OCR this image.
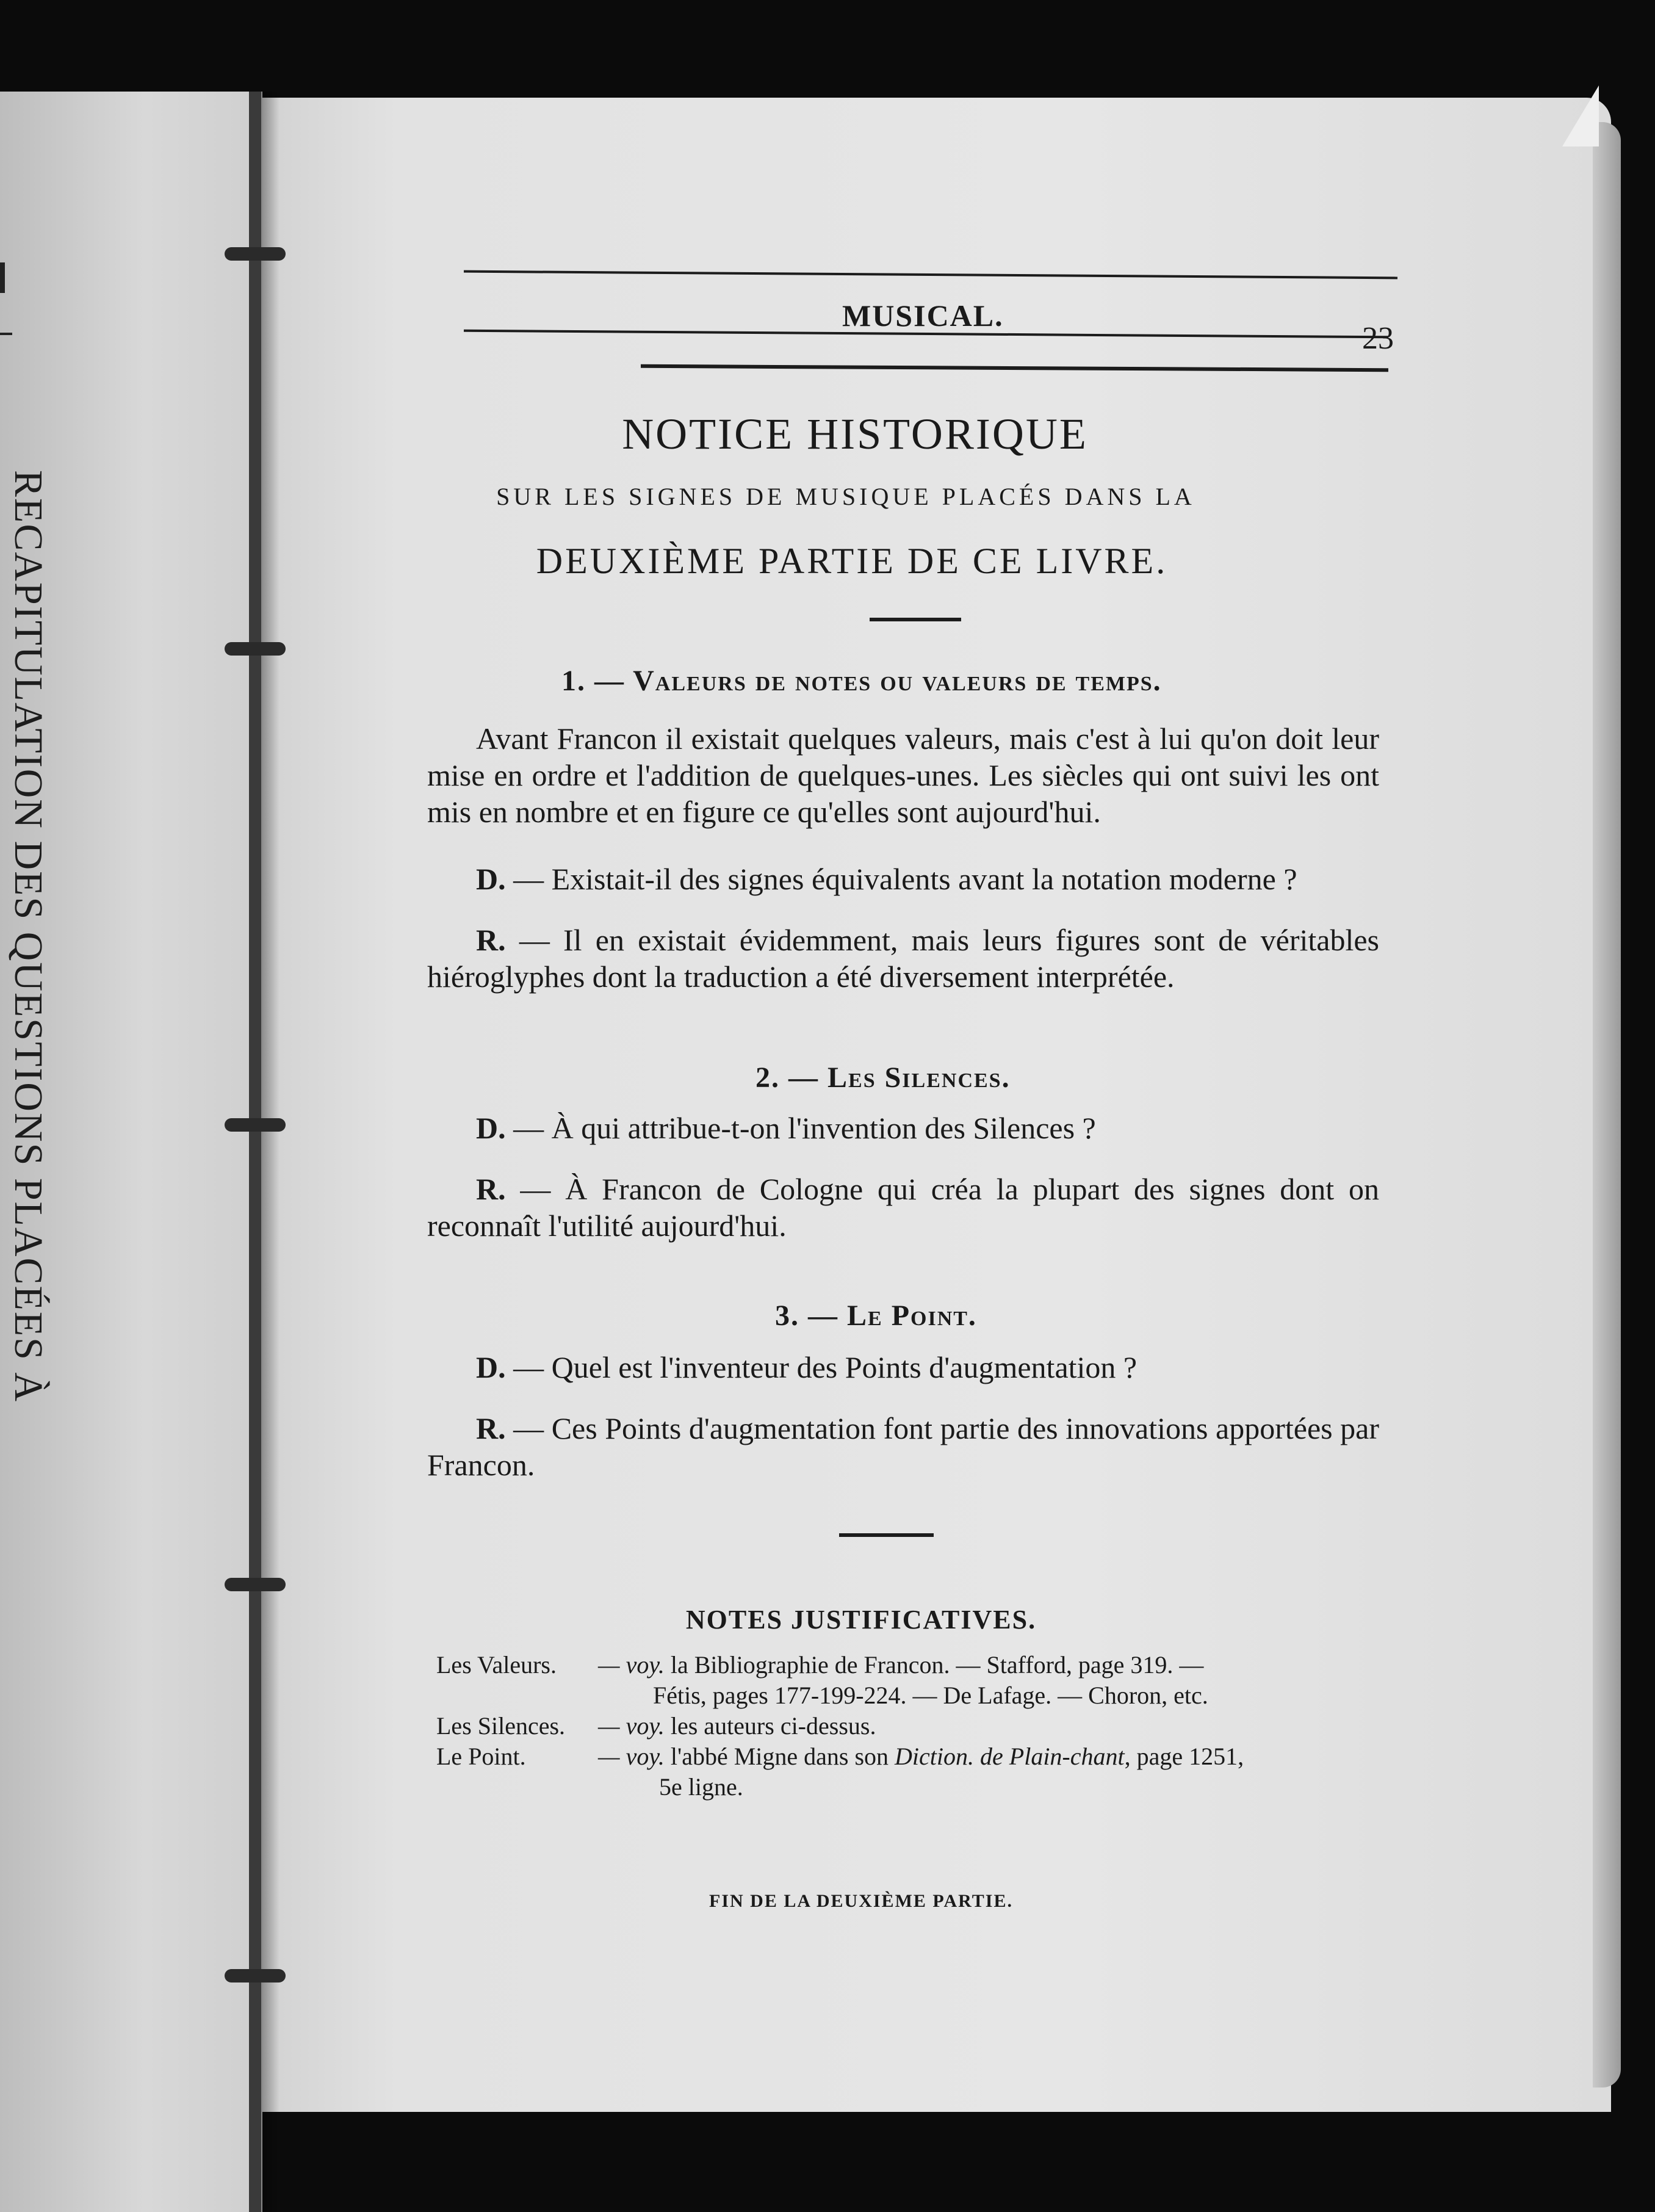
RECAPITULATION DES QUESTIONS PLACÉES À
MUSICAL.
23
NOTICE HISTORIQUE
SUR LES SIGNES DE MUSIQUE PLACÉS DANS LA
DEUXIÈME PARTIE DE CE LIVRE.
1. — Valeurs de notes ou valeurs de temps.
Avant Francon il existait quelques valeurs, mais c'est à lui qu'on doit leur mise en ordre et l'addition de quelques-unes. Les siècles qui ont suivi les ont mis en nombre et en figure ce qu'elles sont aujourd'hui.
D. — Existait-il des signes équivalents avant la notation moderne ?
R. — Il en existait évidemment, mais leurs figures sont de véritables hiéroglyphes dont la traduction a été diversement interprétée.
2. — Les Silences.
D. — À qui attribue-t-on l'invention des Silences ?
R. — À Francon de Cologne qui créa la plupart des signes dont on reconnaît l'utilité aujourd'hui.
3. — Le Point.
D. — Quel est l'inventeur des Points d'augmentation ?
R. — Ces Points d'augmentation font partie des innovations apportées par Francon.
NOTES JUSTIFICATIVES.
Les Valeurs. — voy. la Bibliographie de Francon. — Stafford, page 319. —
Fétis, pages 177-199-224. — De Lafage. — Choron, etc.
Les Silences. — voy. les auteurs ci-dessus.
Le Point.	— voy. l'abbé Migne dans son Diction. de Plain-chant, page 1251,
5e ligne.
FIN DE LA DEUXIÈME PARTIE.
